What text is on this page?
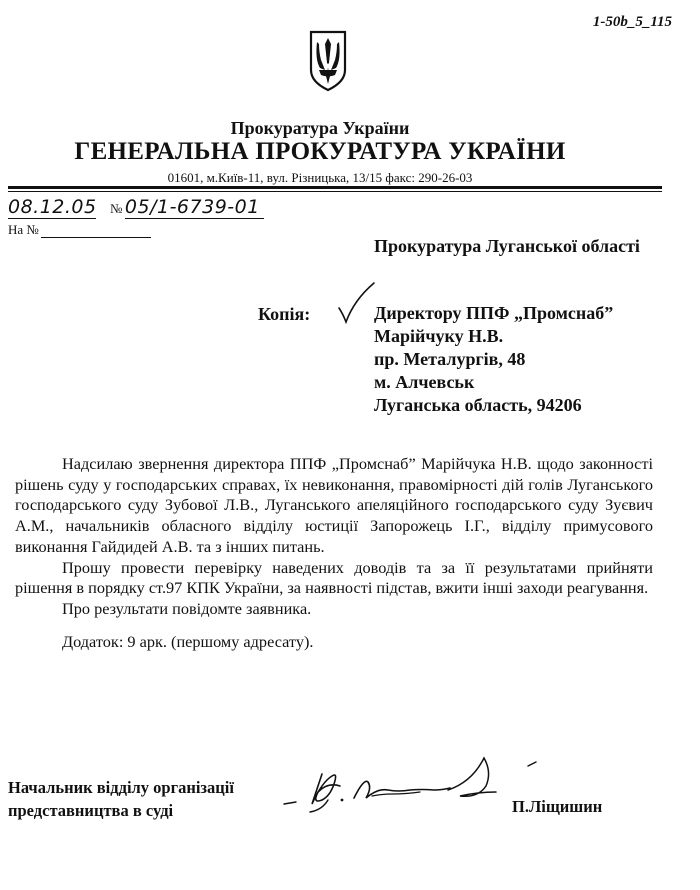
1-50b_5_115
Прокуратура України
ГЕНЕРАЛЬНА ПРОКУРАТУРА УКРАЇНИ
01601, м.Київ-11, вул. Різницька, 13/15 факс: 290-26-03
08.12.05 № 05/1-6739-01
На №
Прокуратура Луганської області
Копія:	Директору ППФ „Промснаб”
Марійчуку Н.В.
пр. Металургів, 48
м. Алчевськ
Луганська область, 94206

Надсилаю звернення директора ППФ „Промснаб” Марійчука Н.В. щодо законності рішень суду у господарських справах, їх невиконання, правомірності дій голів Луганського господарського суду Зубової Л.В., Луганського апеляційного господарського суду Зуєвич А.М., начальників обласного відділу юстиції Запорожець І.Г., відділу примусового виконання Гайдидей А.В. та з інших питань.

Прошу провести перевірку наведених доводів та за її результатами прийняти рішення в порядку ст.97 КПК України, за наявності підстав, вжити інші заходи реагування.

Про результати повідомте заявника.

Додаток: 9 арк. (першому адресату).

Начальник відділу організації
представництва в суді	П.Ліщишин
